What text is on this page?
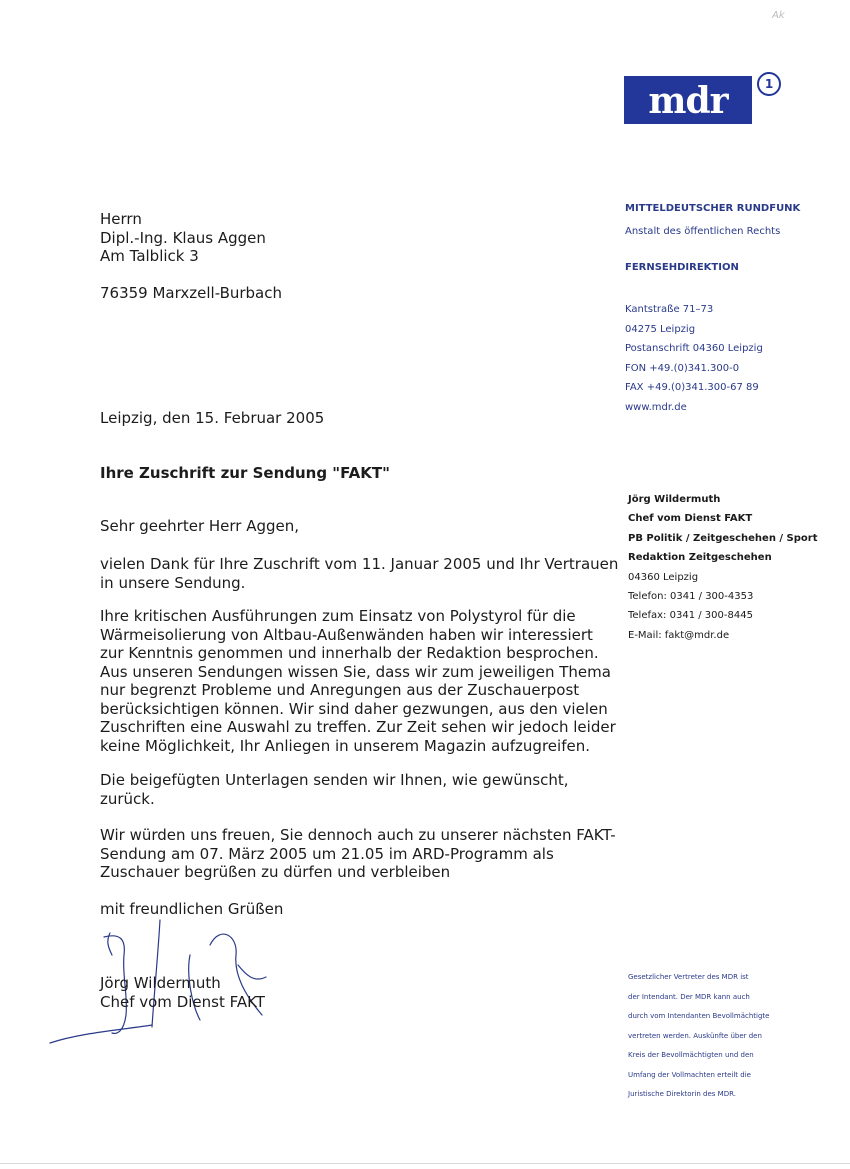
Ak
mdr	1
Herrn
Dipl.-Ing. Klaus Aggen
Am Talblick 3
76359 Marxzell-Burbach
Leipzig, den 15. Februar 2005
Ihre Zuschrift zur Sendung "FAKT"
Sehr geehrter Herr Aggen,
vielen Dank für Ihre Zuschrift vom 11. Januar 2005 und Ihr Vertrauen
in unsere Sendung.
Ihre kritischen Ausführungen zum Einsatz von Polystyrol für die
Wärmeisolierung von Altbau-Außenwänden haben wir interessiert
zur Kenntnis genommen und innerhalb der Redaktion besprochen.
Aus unseren Sendungen wissen Sie, dass wir zum jeweiligen Thema
nur begrenzt Probleme und Anregungen aus der Zuschauerpost
berücksichtigen können. Wir sind daher gezwungen, aus den vielen
Zuschriften eine Auswahl zu treffen. Zur Zeit sehen wir jedoch leider
keine Möglichkeit, Ihr Anliegen in unserem Magazin aufzugreifen.
Die beigefügten Unterlagen senden wir Ihnen, wie gewünscht,
zurück.
Wir würden uns freuen, Sie dennoch auch zu unserer nächsten FAKT-
Sendung am 07. März 2005 um 21.05 im ARD-Programm als
Zuschauer begrüßen zu dürfen und verbleiben
mit freundlichen Grüßen
Jörg Wildermuth
Chef vom Dienst FAKT
MITTELDEUTSCHER RUNDFUNK
Anstalt des öffentlichen Rechts
FERNSEHDIREKTION
Kantstraße 71–73
04275 Leipzig
Postanschrift 04360 Leipzig
FON +49.(0)341.300-0
FAX +49.(0)341.300-67 89
www.mdr.de
Jörg Wildermuth
Chef vom Dienst FAKT
PB Politik / Zeitgeschehen / Sport
Redaktion Zeitgeschehen
04360 Leipzig
Telefon: 0341 / 300-4353
Telefax: 0341 / 300-8445
E-Mail: fakt@mdr.de
Gesetzlicher Vertreter des MDR ist
der Intendant. Der MDR kann auch
durch vom Intendanten Bevollmächtigte
vertreten werden. Auskünfte über den
Kreis der Bevollmächtigten und den
Umfang der Vollmachten erteilt die
Juristische Direktorin des MDR.
